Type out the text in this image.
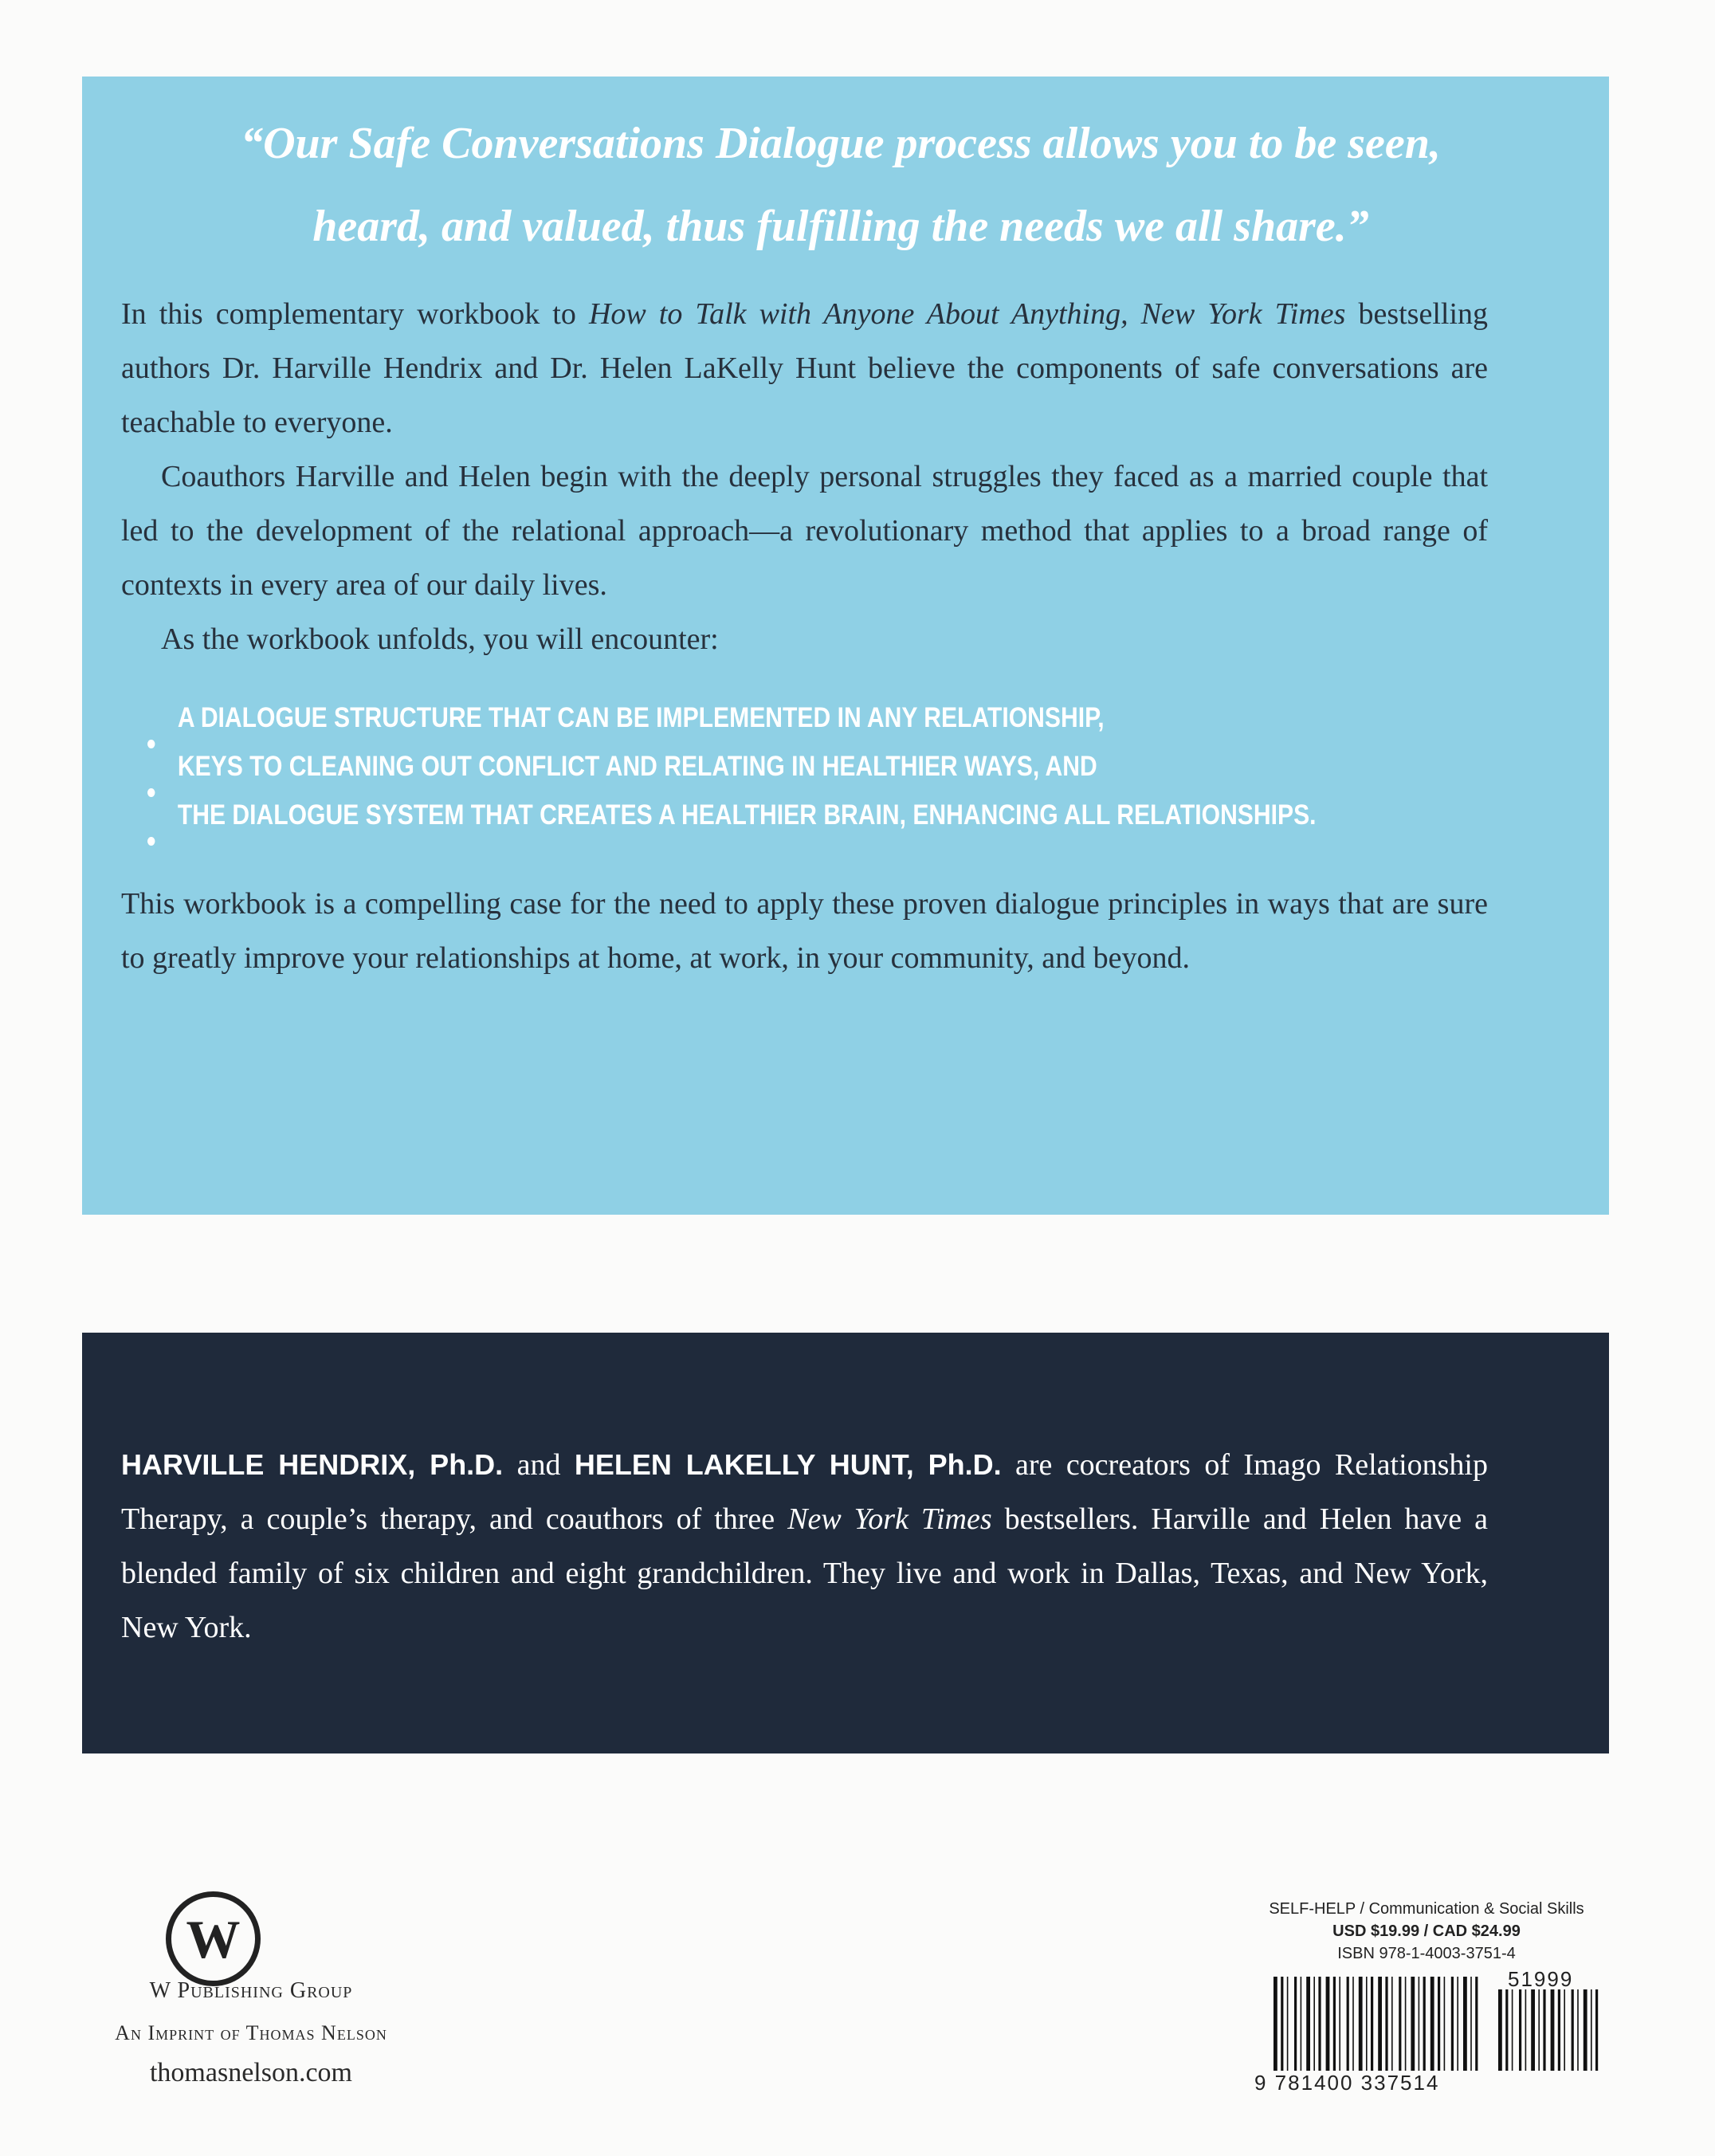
“Our Safe Conversations Dialogue process allows you to be seen,
heard, and valued, thus fulfilling the needs we all share.”
In this complementary workbook to How to Talk with Anyone About Anything, New York Times bestselling authors Dr. Harville Hendrix and Dr. Helen LaKelly Hunt believe the components of safe conversations are teachable to everyone.
Coauthors Harville and Helen begin with the deeply personal struggles they faced as a married couple that led to the development of the relational approach—a revolutionary method that applies to a broad range of contexts in every area of our daily lives.
As the workbook unfolds, you will encounter:
A DIALOGUE STRUCTURE THAT CAN BE IMPLEMENTED IN ANY RELATIONSHIP,
KEYS TO CLEANING OUT CONFLICT AND RELATING IN HEALTHIER WAYS, AND
THE DIALOGUE SYSTEM THAT CREATES A HEALTHIER BRAIN, ENHANCING ALL RELATIONSHIPS.
This workbook is a compelling case for the need to apply these proven dialogue principles in ways that are sure to greatly improve your relationships at home, at work, in your community, and beyond.
HARVILLE HENDRIX, Ph.D. and HELEN LAKELLY HUNT, Ph.D. are cocreators of Imago Relationship Therapy, a couple’s therapy, and coauthors of three New York Times bestsellers. Harville and Helen have a blended family of six children and eight grandchildren. They live and work in Dallas, Texas, and New York, New York.
W
W Publishing Group
An Imprint of Thomas Nelson
thomasnelson.com
SELF-HELP / Communication & Social Skills
USD $19.99 / CAD $24.99
ISBN 978-1-4003-3751-4
9 781400 337514
51999
